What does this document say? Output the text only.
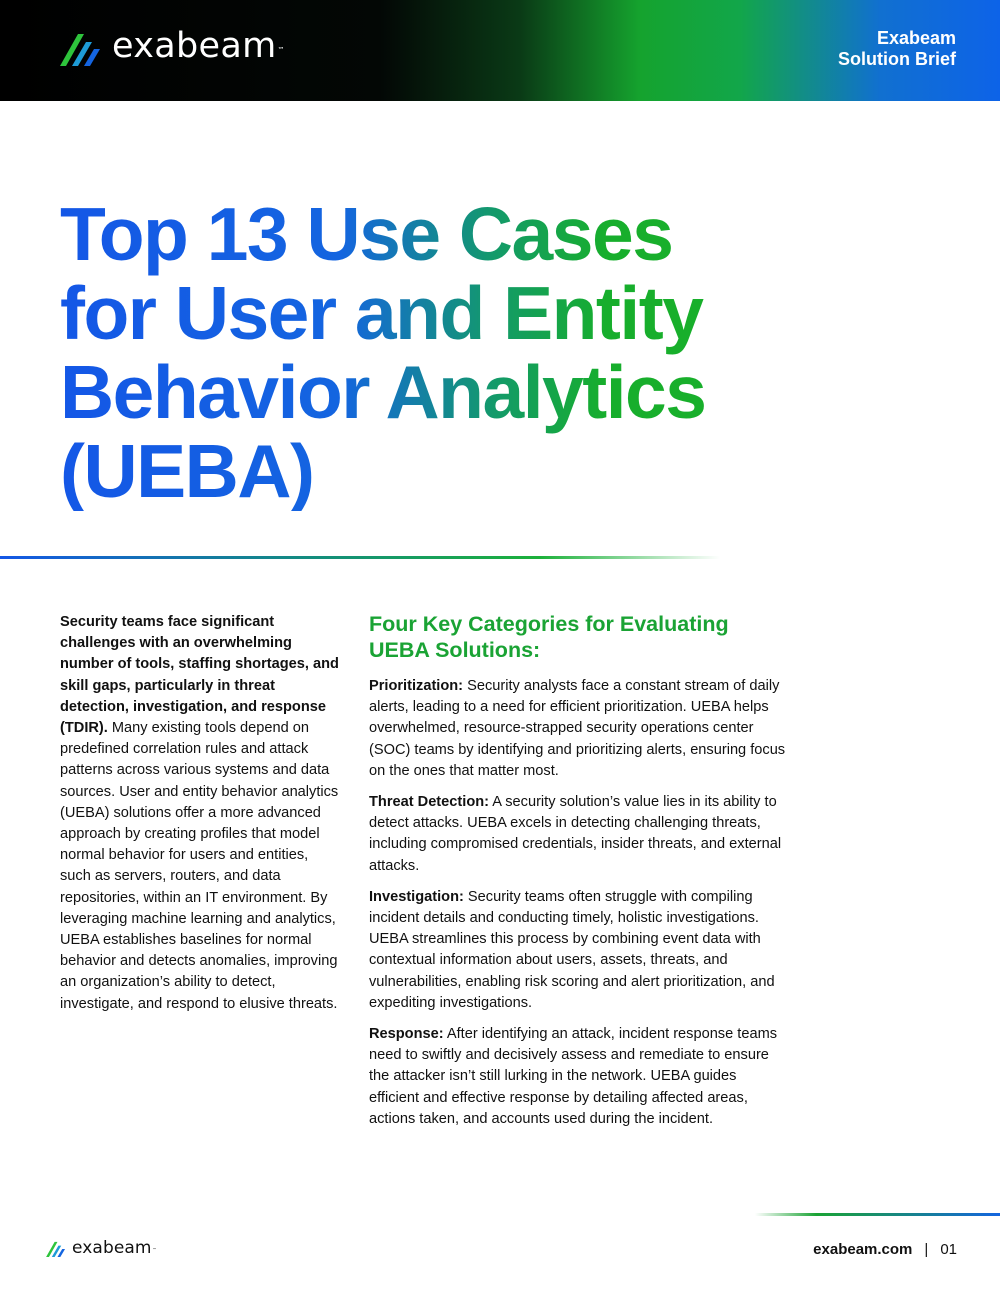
exabeam™
Exabeam
Solution Brief
Top 13 Use Cases
for User and Entity
Behavior Analytics
(UEBA)
Security teams face significant challenges with an overwhelming number of tools, staffing shortages, and skill gaps, particularly in threat detection, investigation, and response (TDIR). Many existing tools depend on predefined correlation rules and attack patterns across various systems and data sources. User and entity behavior analytics (UEBA) solutions offer a more advanced approach by creating profiles that model normal behavior for users and entities, such as servers, routers, and data repositories, within an IT environment. By leveraging machine learning and analytics, UEBA establishes baselines for normal behavior and detects anomalies, improving an organization’s ability to detect, investigate, and respond to elusive threats.
Four Key Categories for Evaluating UEBA Solutions:

Prioritization: Security analysts face a constant stream of daily alerts, leading to a need for efficient prioritization. UEBA helps overwhelmed, resource-strapped security operations center (SOC) teams by identifying and prioritizing alerts, ensuring focus on the ones that matter most.

Threat Detection: A security solution’s value lies in its ability to detect attacks. UEBA excels in detecting challenging threats, including compromised credentials, insider threats, and external attacks.

Investigation: Security teams often struggle with compiling incident details and conducting timely, holistic investigations. UEBA streamlines this process by combining event data with contextual information about users, assets, threats, and vulnerabilities, enabling risk scoring and alert prioritization, and expediting investigations.

Response: After identifying an attack, incident response teams need to swiftly and decisively assess and remediate to ensure the attacker isn’t still lurking in the network. UEBA guides efficient and effective response by detailing affected areas, actions taken, and accounts used during the incident.

exabeam™	exabeam.com | 01
